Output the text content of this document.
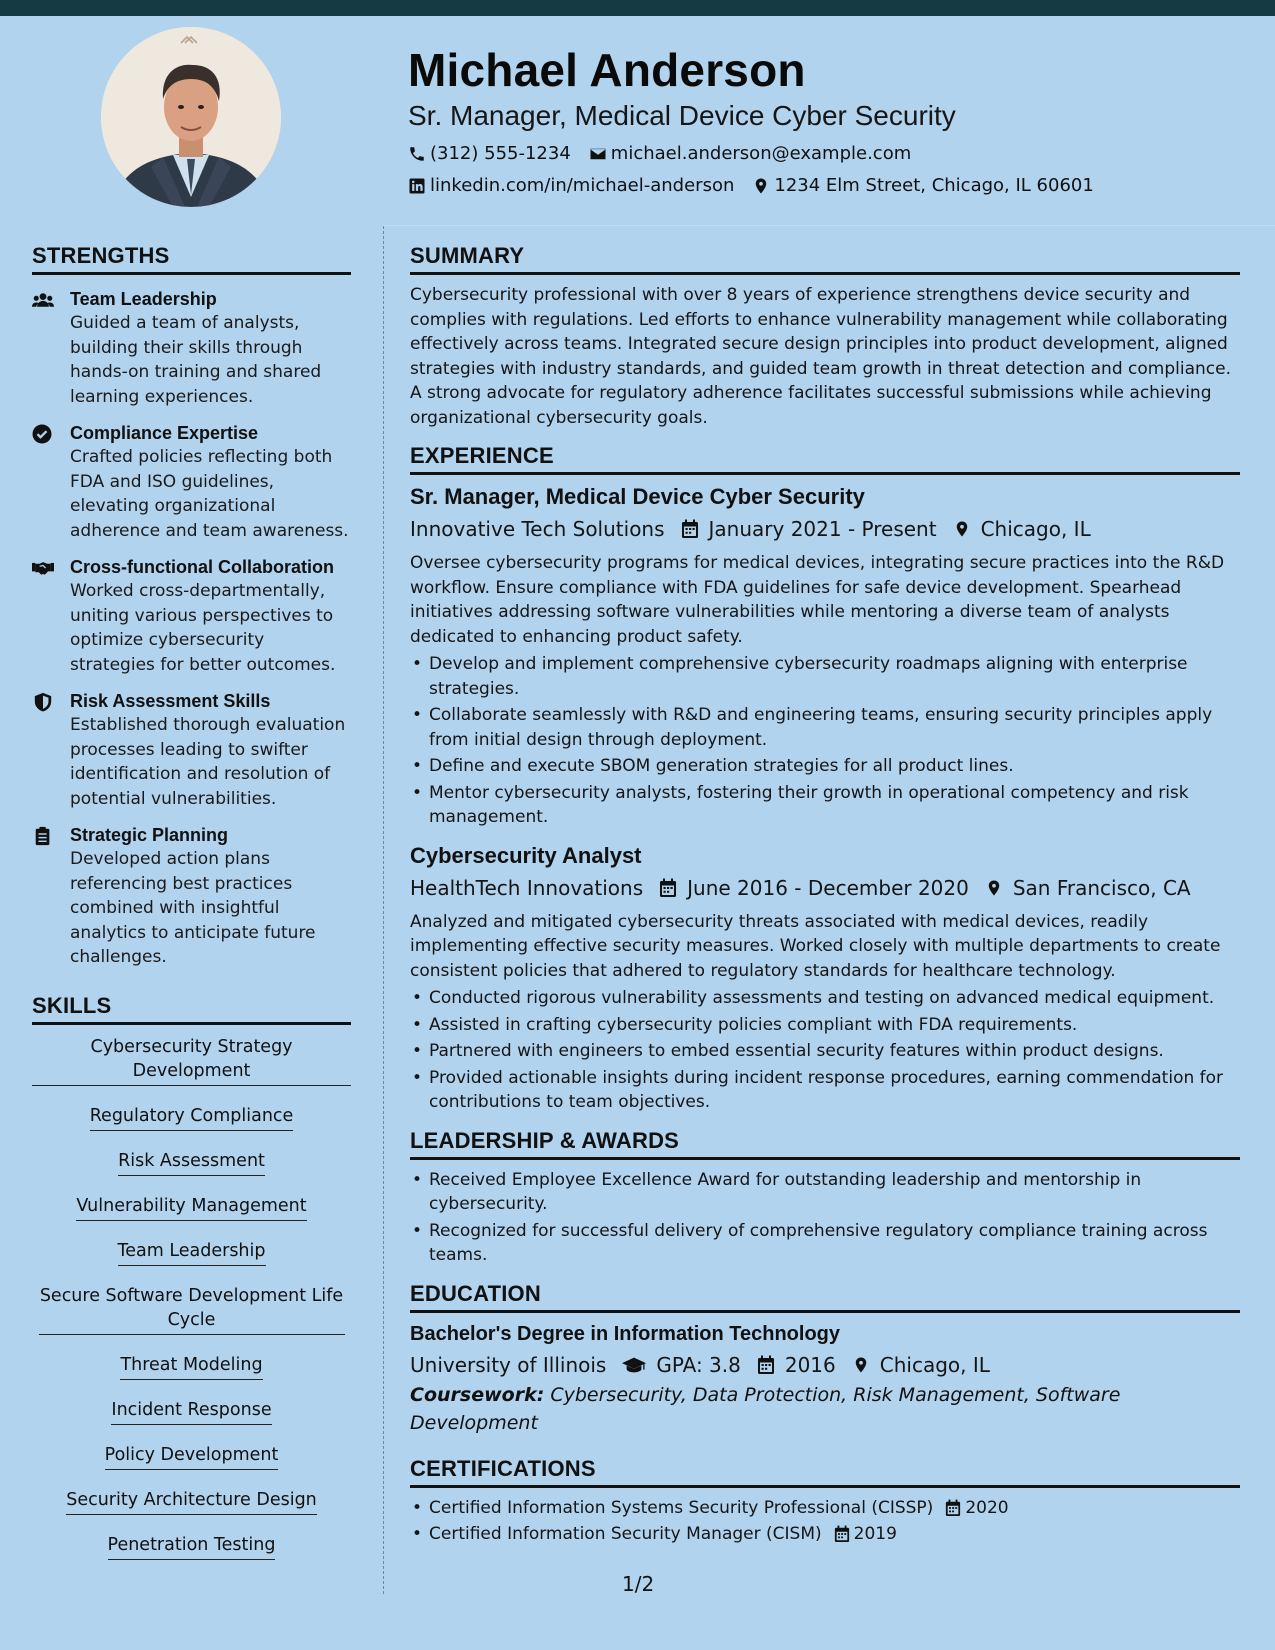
Michael Anderson
Sr. Manager, Medical Device Cyber Security
(312) 555-1234 michael.anderson@example.com
linkedin.com/in/michael-anderson 1234 Elm Street, Chicago, IL 60601
STRENGTHS
Team Leadership
Guided a team of analysts, building their skills through hands-on training and shared learning experiences.
Compliance Expertise
Crafted policies reflecting both FDA and ISO guidelines, elevating organizational adherence and team awareness.
Cross-functional Collaboration
Worked cross-departmentally, uniting various perspectives to optimize cybersecurity strategies for better outcomes.
Risk Assessment Skills
Established thorough evaluation processes leading to swifter identification and resolution of potential vulnerabilities.
Strategic Planning
Developed action plans referencing best practices combined with insightful analytics to anticipate future challenges.
SKILLS
Cybersecurity Strategy Development
Regulatory Compliance
Risk Assessment
Vulnerability Management
Team Leadership
Secure Software Development Life Cycle
Threat Modeling
Incident Response
Policy Development
Security Architecture Design
Penetration Testing
SUMMARY
Cybersecurity professional with over 8 years of experience strengthens device security and complies with regulations. Led efforts to enhance vulnerability management while collaborating effectively across teams. Integrated secure design principles into product development, aligned strategies with industry standards, and guided team growth in threat detection and compliance. A strong advocate for regulatory adherence facilitates successful submissions while achieving organizational cybersecurity goals.
EXPERIENCE
Sr. Manager, Medical Device Cyber Security
Innovative Tech Solutions January 2021 - Present Chicago, IL
Oversee cybersecurity programs for medical devices, integrating secure practices into the R&D workflow. Ensure compliance with FDA guidelines for safe device development. Spearhead initiatives addressing software vulnerabilities while mentoring a diverse team of analysts dedicated to enhancing product safety.
• Develop and implement comprehensive cybersecurity roadmaps aligning with enterprise strategies.
• Collaborate seamlessly with R&D and engineering teams, ensuring security principles apply from initial design through deployment.
• Define and execute SBOM generation strategies for all product lines.
• Mentor cybersecurity analysts, fostering their growth in operational competency and risk management.
Cybersecurity Analyst
HealthTech Innovations June 2016 - December 2020 San Francisco, CA
Analyzed and mitigated cybersecurity threats associated with medical devices, readily implementing effective security measures. Worked closely with multiple departments to create consistent policies that adhered to regulatory standards for healthcare technology.
• Conducted rigorous vulnerability assessments and testing on advanced medical equipment.
• Assisted in crafting cybersecurity policies compliant with FDA requirements.
• Partnered with engineers to embed essential security features within product designs.
• Provided actionable insights during incident response procedures, earning commendation for contributions to team objectives.
LEADERSHIP & AWARDS
• Received Employee Excellence Award for outstanding leadership and mentorship in cybersecurity.
• Recognized for successful delivery of comprehensive regulatory compliance training across teams.
EDUCATION
Bachelor's Degree in Information Technology
University of Illinois	GPA: 3.8 2016 Chicago, IL
Coursework: Cybersecurity, Data Protection, Risk Management, Software Development
CERTIFICATIONS
• Certified Information Systems Security Professional (CISSP) 2020
• Certified Information Security Manager (CISM) 2019
1/2
